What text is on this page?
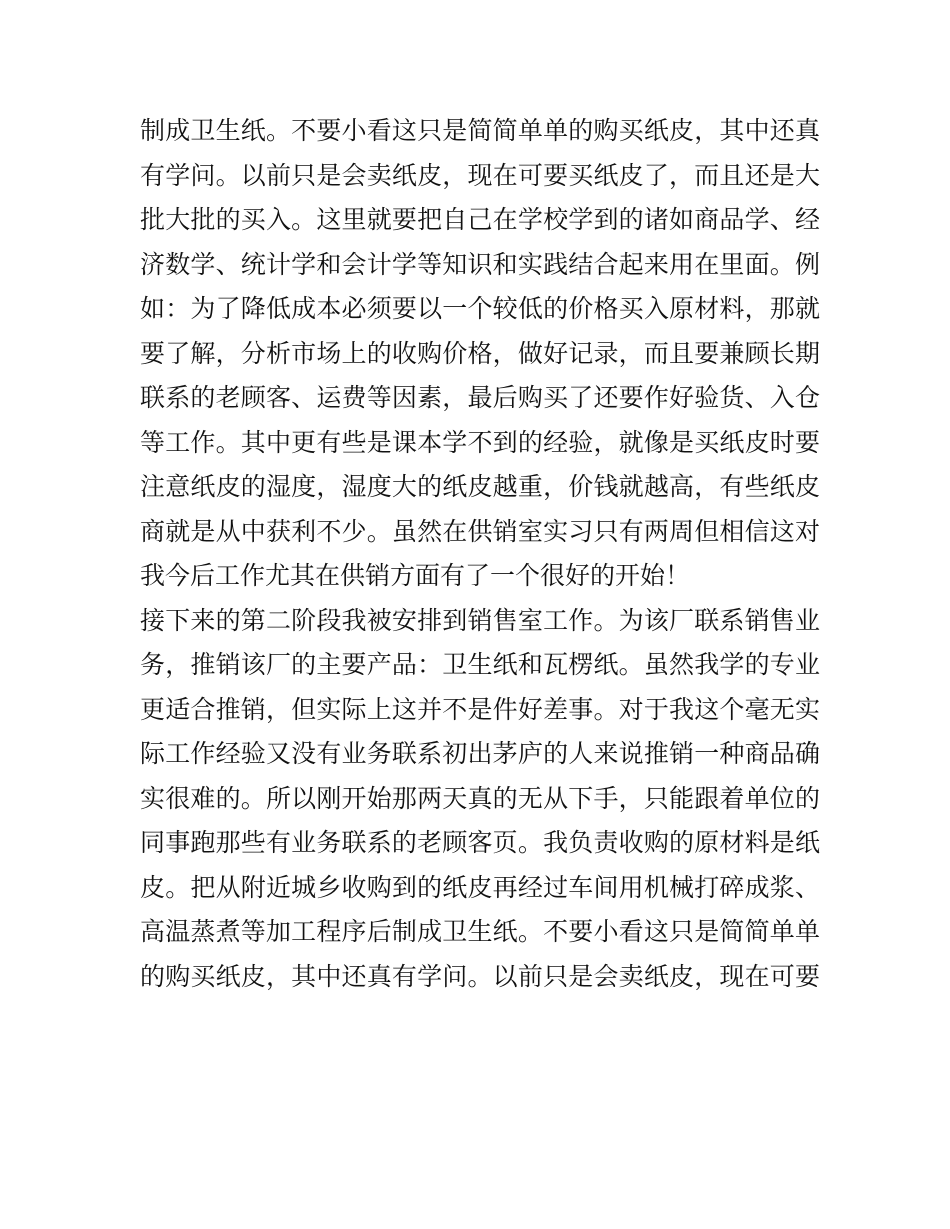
制成卫生纸。不要小看这只是简简单单的购买纸皮，其中还真
有学问。以前只是会卖纸皮，现在可要买纸皮了，而且还是大
批大批的买入。这里就要把自己在学校学到的诸如商品学、经
济数学、统计学和会计学等知识和实践结合起来用在里面。例
如：为了降低成本必须要以一个较低的价格买入原材料，那就
要了解，分析市场上的收购价格，做好记录，而且要兼顾长期
联系的老顾客、运费等因素，最后购买了还要作好验货、入仓
等工作。其中更有些是课本学不到的经验，就像是买纸皮时要
注意纸皮的湿度，湿度大的纸皮越重，价钱就越高，有些纸皮
商就是从中获利不少。虽然在供销室实习只有两周但相信这对
我今后工作尤其在供销方面有了一个很好的开始！
接下来的第二阶段我被安排到销售室工作。为该厂联系销售业
务，推销该厂的主要产品：卫生纸和瓦楞纸。虽然我学的专业
更适合推销，但实际上这并不是件好差事。对于我这个毫无实
际工作经验又没有业务联系初出茅庐的人来说推销一种商品确
实很难的。所以刚开始那两天真的无从下手，只能跟着单位的
同事跑那些有业务联系的老顾客页。我负责收购的原材料是纸
皮。把从附近城乡收购到的纸皮再经过车间用机械打碎成浆、
高温蒸煮等加工程序后制成卫生纸。不要小看这只是简简单单
的购买纸皮，其中还真有学问。以前只是会卖纸皮，现在可要
